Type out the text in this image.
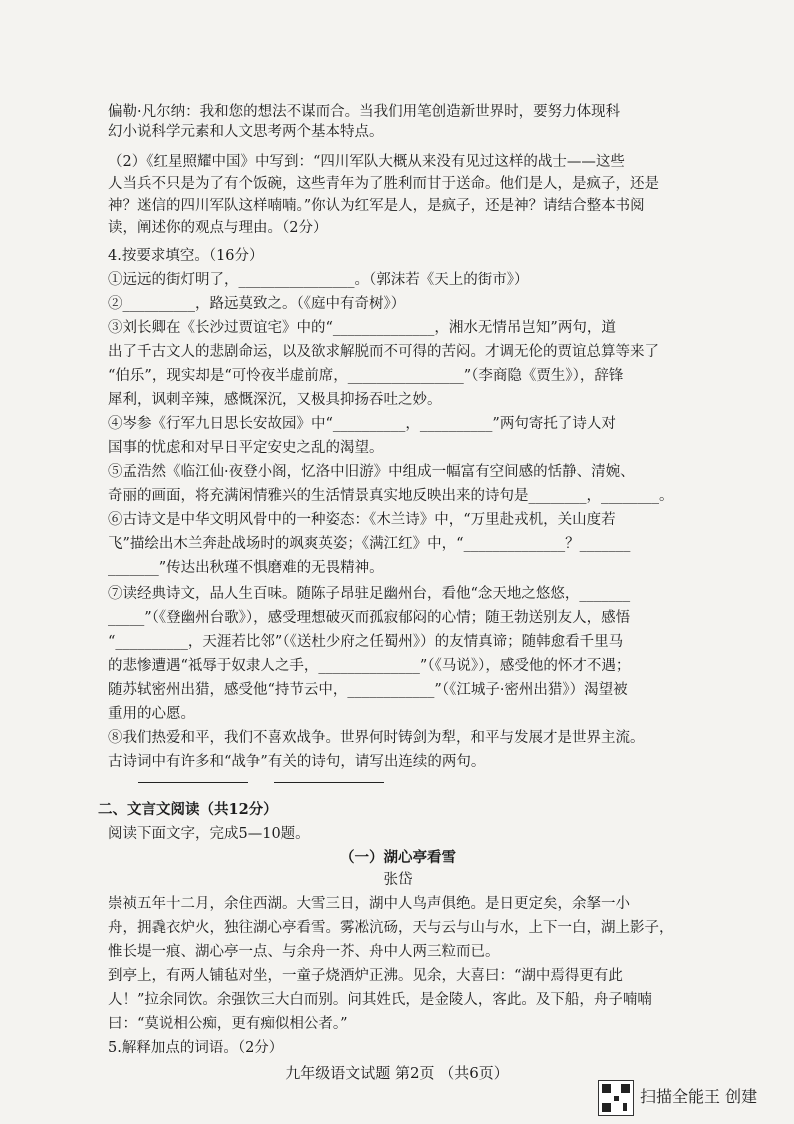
偏勒·凡尔纳：我和您的想法不谋而合。当我们用笔创造新世界时，要努力体现科
幻小说科学元素和人文思考两个基本特点。
（2）《红星照耀中国》中写到：“四川军队大概从来没有见过这样的战士——这些
人当兵不只是为了有个饭碗，这些青年为了胜利而甘于送命。他们是人，是疯子，还是
神？迷信的四川军队这样喃喃。”你认为红军是人，是疯子，还是神？请结合整本书阅
读，阐述你的观点与理由。（2分）
4.按要求填空。（16分）
①远远的街灯明了，________________。（郭沫若《天上的街市》）
②__________，路远莫致之。（《庭中有奇树》）
③刘长卿在《长沙过贾谊宅》中的“______________，湘水无情吊岂知”两句，道
出了千古文人的悲剧命运，以及欲求解脱而不可得的苦闷。才调无伦的贾谊总算等来了
“伯乐”，现实却是“可怜夜半虚前席，________________”（李商隐《贾生》），辞锋
犀利，讽刺辛辣，感慨深沉，又极具抑扬吞吐之妙。
④岑参《行军九日思长安故园》中“__________，__________”两句寄托了诗人对
国事的忧虑和对早日平定安史之乱的渴望。
⑤孟浩然《临江仙·夜登小阁，忆洛中旧游》中组成一幅富有空间感的恬静、清婉、
奇丽的画面，将充满闲情雅兴的生活情景真实地反映出来的诗句是________，________。
⑥古诗文是中华文明风骨中的一种姿态：《木兰诗》中，“万里赴戎机，关山度若
飞”描绘出木兰奔赴战场时的飒爽英姿；《满江红》中，“______________？_______
_______”传达出秋瑾不惧磨难的无畏精神。
⑦读经典诗文，品人生百味。随陈子昂驻足幽州台，看他“念天地之悠悠，_______
_____”（《登幽州台歌》），感受理想破灭而孤寂郁闷的心情；随王勃送别友人，感悟
“__________，天涯若比邻”（《送杜少府之任蜀州》）的友情真谛；随韩愈看千里马
的悲惨遭遇“祗辱于奴隶人之手，______________”（《马说》），感受他的怀才不遇；
随苏轼密州出猎，感受他“持节云中，____________”（《江城子·密州出猎》）渴望被
重用的心愿。
⑧我们热爱和平，我们不喜欢战争。世界何时铸剑为犁，和平与发展才是世界主流。
古诗词中有许多和“战争”有关的诗句，请写出连续的两句。
二、文言文阅读（共12分）
阅读下面文字，完成5—10题。
（一）湖心亭看雪
张岱
崇祯五年十二月，余住西湖。大雪三日，湖中人鸟声俱绝。是日更定矣，余拏一小
舟，拥毳衣炉火，独往湖心亭看雪。雾凇沆砀，天与云与山与水，上下一白，湖上影子，
惟长堤一痕、湖心亭一点、与余舟一芥、舟中人两三粒而已。
到亭上，有两人铺毡对坐，一童子烧酒炉正沸。见余，大喜曰：“湖中焉得更有此
人！”拉余同饮。余强饮三大白而别。问其姓氏，是金陵人，客此。及下船，舟子喃喃
曰：“莫说相公痴，更有痴似相公者。”
5.解释加点的词语。（2分）
九年级语文试题 第2页 （共6页）
扫描全能王 创建
